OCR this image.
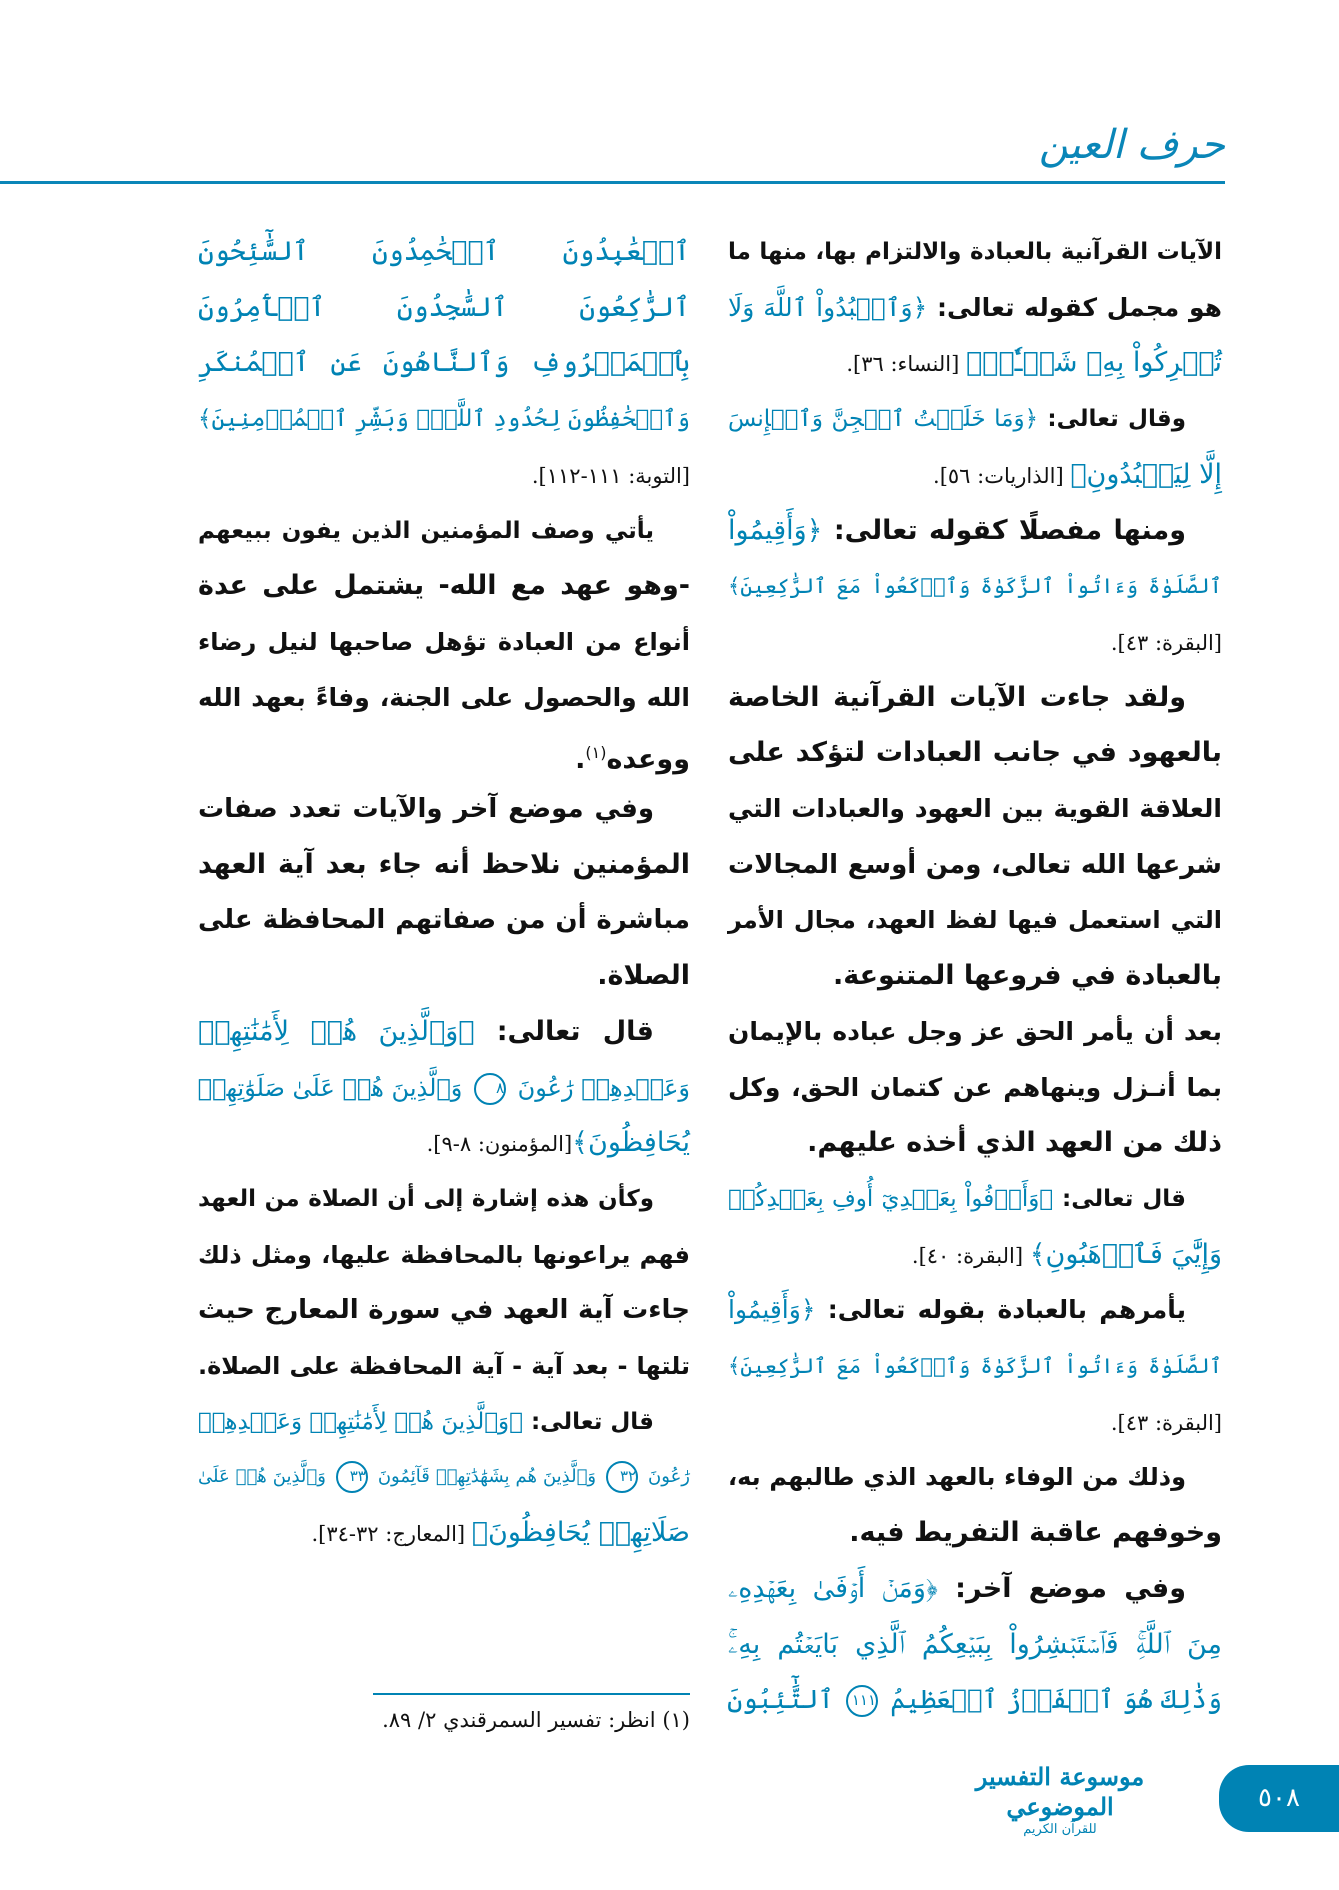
حرف العين
الآيات القرآنية بالعبادة والالتزام بها، منها ما
هو مجمل كقوله تعالى: ﴿وَٱعۡبُدُواْ ٱللَّهَ وَلَا
تُشۡرِكُواْ بِهِۦ شَيۡـٔٗاۖ﴾ [النساء: ٣٦].
وقال تعالى: ﴿وَمَا خَلَقۡتُ ٱلۡجِنَّ وَٱلۡإِنسَ
إِلَّا لِيَعۡبُدُونِ﴾ [الذاريات: ٥٦].
ومنها مفصلًا كقوله تعالى: ﴿وَأَقِيمُواْ
ٱلصَّلَوٰةَ وَءَاتُواْ ٱلزَّكَوٰةَ وَٱرۡكَعُواْ مَعَ ٱلرَّٰكِعِينَ﴾
[البقرة: ٤٣].
ولقد جاءت الآيات القرآنية الخاصة
بالعهود في جانب العبادات لتؤكد على
العلاقة القوية بين العهود والعبادات التي
شرعها الله تعالى، ومن أوسع المجالات
التي استعمل فيها لفظ العهد، مجال الأمر
بالعبادة في فروعها المتنوعة.
بعد أن يأمر الحق عز وجل عباده بالإيمان
بما أنـزل وينهاهم عن كتمان الحق، وكل
ذلك من العهد الذي أخذه عليهم.
قال تعالى: ﴿وَأَوۡفُواْ بِعَهۡدِيٓ أُوفِ بِعَهۡدِكُمۡ
وَإِيَّٰيَ فَٱرۡهَبُونِ﴾ [البقرة: ٤٠].
يأمرهم بالعبادة بقوله تعالى: ﴿وَأَقِيمُواْ
ٱلصَّلَوٰةَ وَءَاتُواْ ٱلزَّكَوٰةَ وَٱرۡكَعُواْ مَعَ ٱلرَّٰكِعِينَ﴾
[البقرة: ٤٣].
وذلك من الوفاء بالعهد الذي طالبهم به،
وخوفهم عاقبة التفريط فيه.
وفي موضع آخر: ﴿وَمَنۡ أَوۡفَىٰ بِعَهۡدِهِۦ
مِنَ ٱللَّهِۚ فَٱسۡتَبۡشِرُواْ بِبَيۡعِكُمُ ٱلَّذِي بَايَعۡتُم بِهِۦۚ
وَذَٰلِكَ هُوَ ٱلۡفَوۡزُ ٱلۡعَظِيمُ ١١١ ٱلتَّٰٓئِبُونَ
ٱلۡعَٰبِدُونَ ٱلۡحَٰمِدُونَ ٱلسَّٰٓئِحُونَ
ٱلرَّٰكِعُونَ ٱلسَّٰجِدُونَ ٱلۡأٓمِرُونَ
بِٱلۡمَعۡرُوفِ وَٱلنَّاهُونَ عَنِ ٱلۡمُنكَرِ
وَٱلۡحَٰفِظُونَ لِحُدُودِ ٱللَّهِۗ وَبَشِّرِ ٱلۡمُؤۡمِنِينَ﴾
[التوبة: ١١١-١١٢].
يأتي وصف المؤمنين الذين يفون ببيعهم
-وهو عهد مع الله- يشتمل على عدة
أنواع من العبادة تؤهل صاحبها لنيل رضاء
الله والحصول على الجنة، وفاءً بعهد الله
ووعده$^{(١)}$.
وفي موضع آخر والآيات تعدد صفات
المؤمنين نلاحظ أنه جاء بعد آية العهد
مباشرة أن من صفاتهم المحافظة على
الصلاة.
قال تعالى: ﴿وَٱلَّذِينَ هُمۡ لِأَمَٰنَٰتِهِمۡ
وَعَهۡدِهِمۡ رَٰعُونَ ٨ وَٱلَّذِينَ هُمۡ عَلَىٰ صَلَوَٰتِهِمۡ
يُحَافِظُونَ﴾[المؤمنون: ٨-٩].
وكأن هذه إشارة إلى أن الصلاة من العهد
فهم يراعونها بالمحافظة عليها، ومثل ذلك
جاءت آية العهد في سورة المعارج حيث
تلتها - بعد آية - آية المحافظة على الصلاة.
قال تعالى: ﴿وَٱلَّذِينَ هُمۡ لِأَمَٰنَٰتِهِمۡ وَعَهۡدِهِمۡ
رَٰعُونَ ٣٢ وَٱلَّذِينَ هُم بِشَهَٰدَٰتِهِمۡ قَآئِمُونَ ٣٣ وَٱلَّذِينَ هُمۡ عَلَىٰ
صَلَاتِهِمۡ يُحَافِظُونَ﴾ [المعارج: ٣٢-٣٤].
(١) انظر: تفسير السمرقندي ٢/ ٨٩.
موسوعة التفسير الموضوعي
للقرآن الكريم
٥٠٨
